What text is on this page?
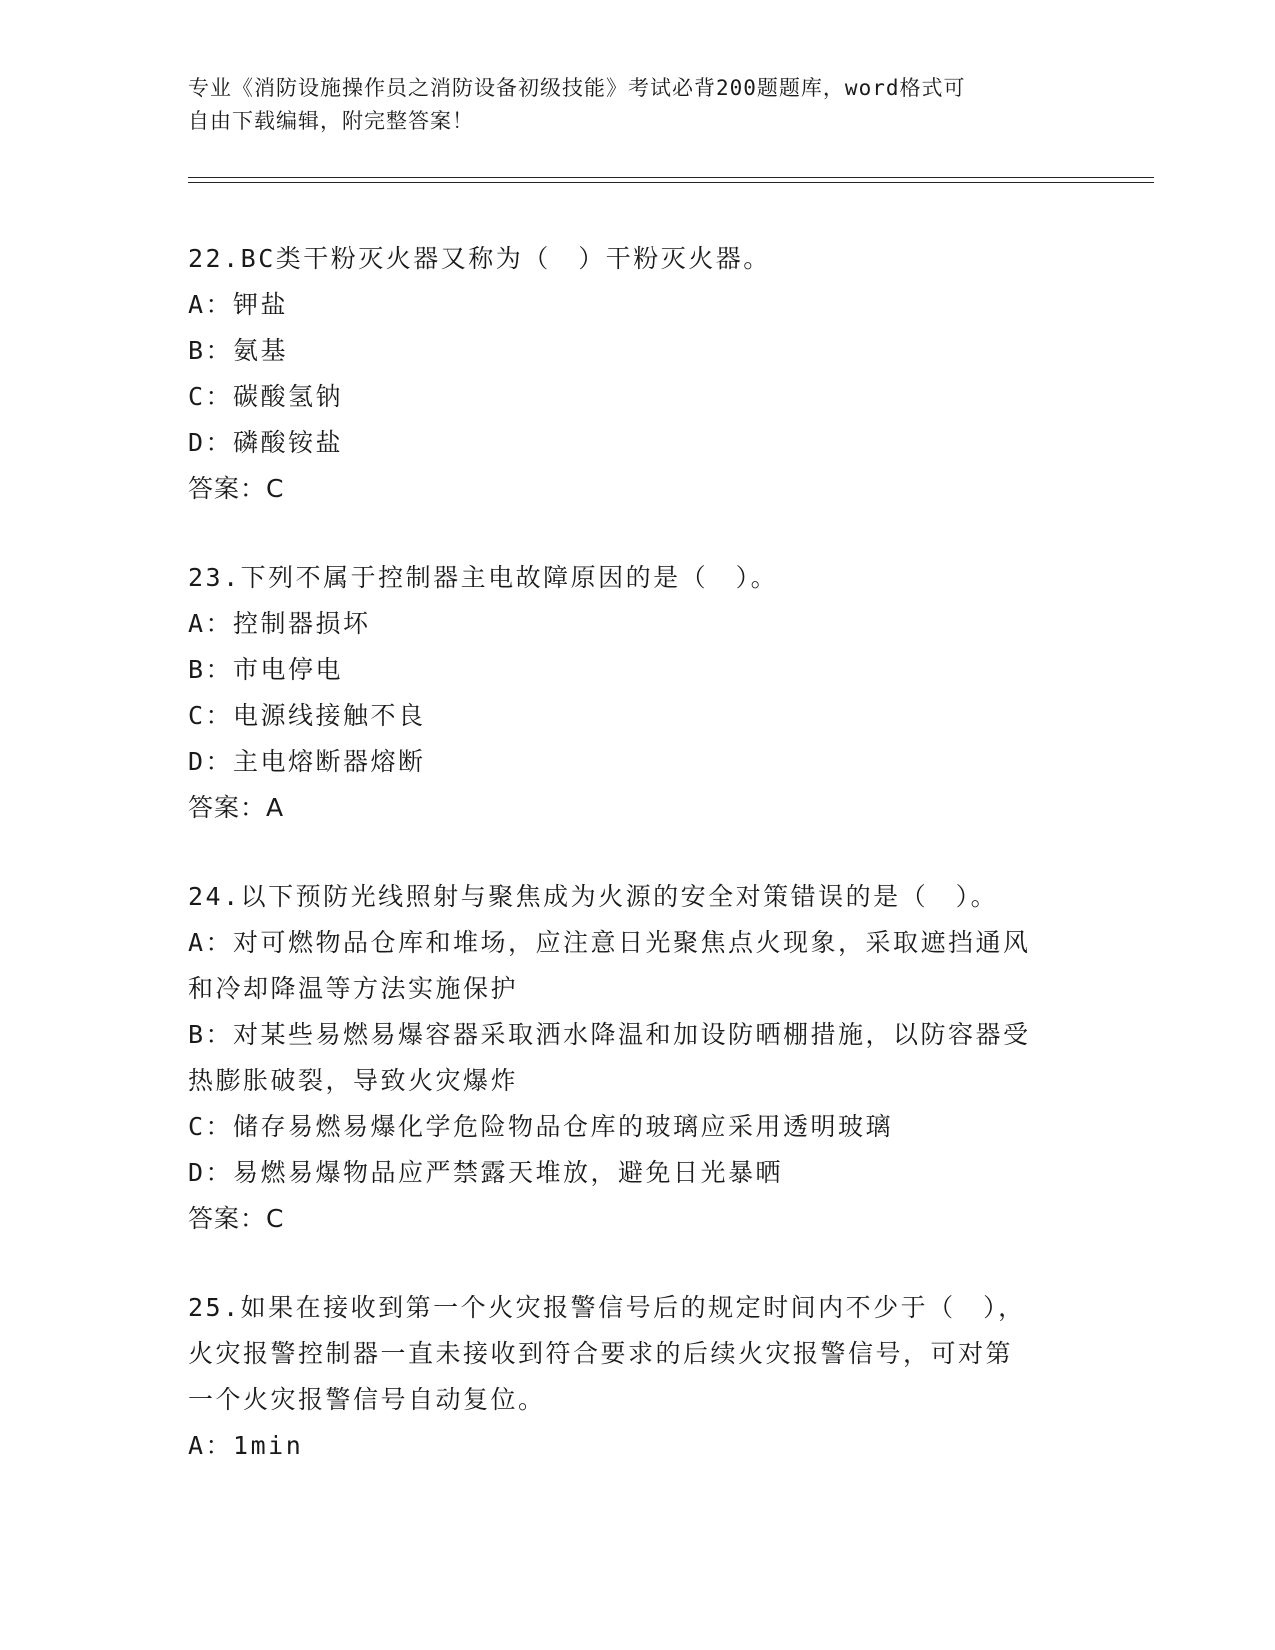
专业《消防设施操作员之消防设备初级技能》考试必背200题题库，word格式可
自由下载编辑，附完整答案！
22.BC类干粉灭火器又称为（　）干粉灭火器。
A：钾盐
B：氨基
C：碳酸氢钠
D：磷酸铵盐
答案：C
23.下列不属于控制器主电故障原因的是（　）。
A：控制器损坏
B：市电停电
C：电源线接触不良
D：主电熔断器熔断
答案：A
24.以下预防光线照射与聚焦成为火源的安全对策错误的是（　）。
A：对可燃物品仓库和堆场，应注意日光聚焦点火现象，采取遮挡通风
和冷却降温等方法实施保护
B：对某些易燃易爆容器采取洒水降温和加设防晒棚措施，以防容器受
热膨胀破裂，导致火灾爆炸
C：储存易燃易爆化学危险物品仓库的玻璃应采用透明玻璃
D：易燃易爆物品应严禁露天堆放，避免日光暴晒
答案：C
25.如果在接收到第一个火灾报警信号后的规定时间内不少于（　），
火灾报警控制器一直未接收到符合要求的后续火灾报警信号，可对第
一个火灾报警信号自动复位。
A：1min
